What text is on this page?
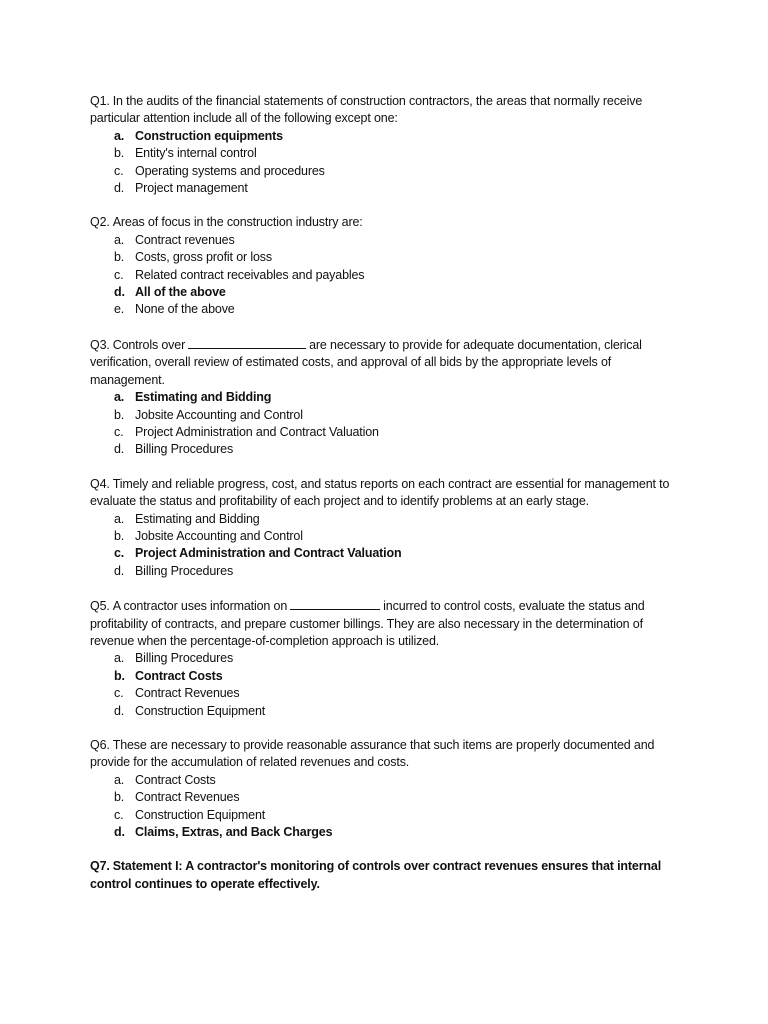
Q1. In the audits of the financial statements of construction contractors, the areas that normally receive particular attention include all of the following except one:

a. Construction equipments
b. Entity's internal control
c. Operating systems and procedures
d. Project management

Q2. Areas of focus in the construction industry are:

a. Contract revenues
b. Costs, gross profit or loss
c. Related contract receivables and payables
d. All of the above
e. None of the above

Q3. Controls over	are necessary to provide for adequate documentation, clerical verification, overall review of estimated costs, and approval of all bids by the appropriate levels of management.

a. Estimating and Bidding
b. Jobsite Accounting and Control
c. Project Administration and Contract Valuation
d. Billing Procedures

Q4. Timely and reliable progress, cost, and status reports on each contract are essential for management to evaluate the status and profitability of each project and to identify problems at an early stage.

a. Estimating and Bidding
b. Jobsite Accounting and Control
c. Project Administration and Contract Valuation
d. Billing Procedures

Q5. A contractor uses information on	incurred to control costs, evaluate the status and profitability of contracts, and prepare customer billings. They are also necessary in the determination of revenue when the percentage-of-completion approach is utilized.

a. Billing Procedures
b. Contract Costs
c. Contract Revenues
d. Construction Equipment

Q6. These are necessary to provide reasonable assurance that such items are properly documented and provide for the accumulation of related revenues and costs.

a. Contract Costs
b. Contract Revenues
c. Construction Equipment
d. Claims, Extras, and Back Charges

Q7. Statement I: A contractor's monitoring of controls over contract revenues ensures that internal control continues to operate effectively.
